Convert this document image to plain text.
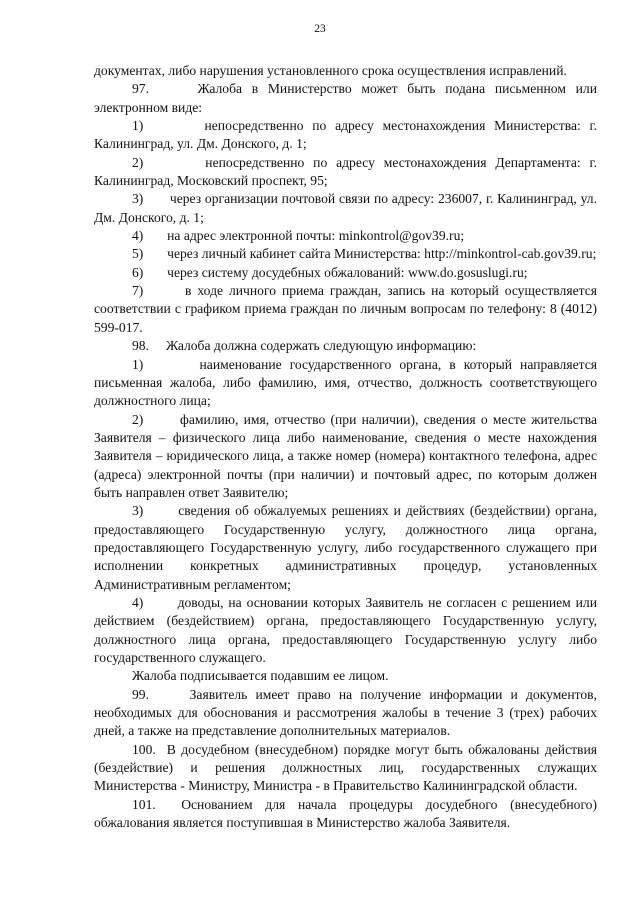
23

документах, либо нарушения установленного срока осуществления исправлений.

97.     Жалоба в Министерство может быть подана письменном или электронном виде:

1)       непосредственно по адресу местонахождения Министерства: г. Калининград, ул. Дм. Донского, д. 1;

2)       непосредственно по адресу местонахождения Департамента: г. Калининград, Московский проспект, 95;

3)       через организации почтовой связи по адресу: 236007, г. Калининград, ул. Дм. Донского, д. 1;

4)       на адрес электронной почты: minkontrol@gov39.ru;

5)       через личный кабинет сайта Министерства: http://minkontrol-cab.gov39.ru;

6)       через систему досудебных обжалований: www.do.gosuslugi.ru;

7)       в ходе личного приема граждан, запись на который осуществляется соответствии с графиком приема граждан по личным вопросам по телефону: 8 (4012) 599-017.

98.     Жалоба должна содержать следующую информацию:

1)       наименование государственного органа, в который направляется письменная жалоба, либо фамилию, имя, отчество, должность соответствующего должностного лица;

2)       фамилию, имя, отчество (при наличии), сведения о месте жительства Заявителя – физического лица либо наименование, сведения о месте нахождения Заявителя – юридического лица, а также номер (номера) контактного телефона, адрес (адреса) электронной почты (при наличии) и почтовый адрес, по которым должен быть направлен ответ Заявителю;

3)       сведения об обжалуемых решениях и действиях (бездействии) органа, предоставляющего Государственную услугу, должностного лица органа, предоставляющего Государственную услугу, либо государственного служащего при исполнении конкретных административных процедур, установленных Административным регламентом;

4)       доводы, на основании которых Заявитель не согласен с решением или действием (бездействием) органа, предоставляющего Государственную услугу, должностного лица органа, предоставляющего Государственную услугу либо государственного служащего.

Жалоба подписывается подавшим ее лицом.

99.     Заявитель имеет право на получение информации и документов, необходимых для обоснования и рассмотрения жалобы в течение 3 (трех) рабочих дней, а также на представление дополнительных материалов.

100.  В досудебном (внесудебном) порядке могут быть обжалованы действия (бездействие) и решения должностных лиц, государственных служащих Министерства - Министру, Министра - в Правительство Калининградской области.

101.  Основанием для начала процедуры досудебного (внесудебного) обжалования является поступившая в Министерство жалоба Заявителя.
